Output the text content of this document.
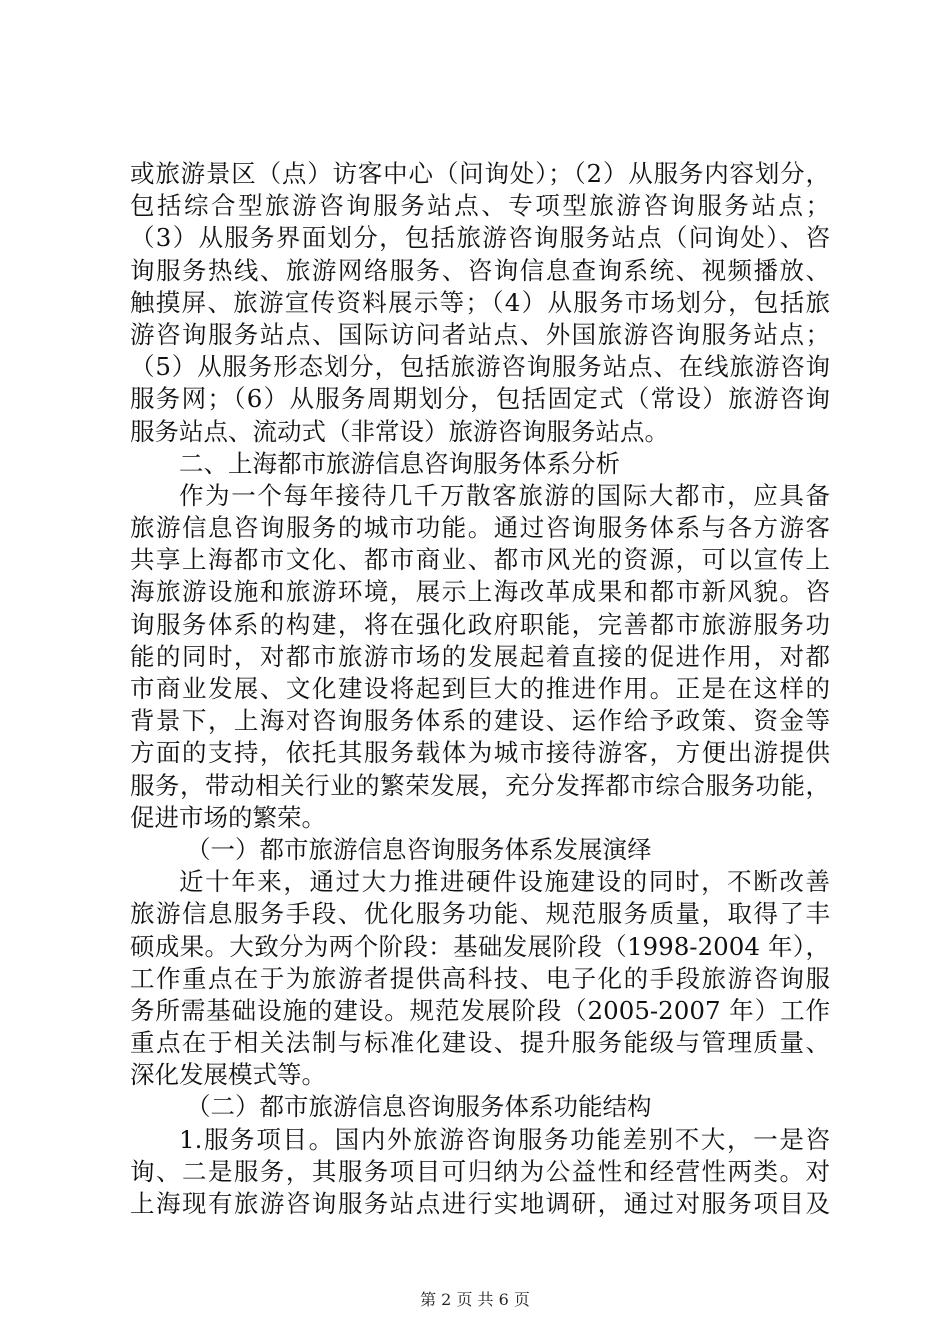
或旅游景区（点）访客中心（问询处）；（2）从服务内容划分，
包括综合型旅游咨询服务站点、专项型旅游咨询服务站点；
（3）从服务界面划分，包括旅游咨询服务站点（问询处）、咨
询服务热线、旅游网络服务、咨询信息查询系统、视频播放、
触摸屏、旅游宣传资料展示等；（4）从服务市场划分，包括旅
游咨询服务站点、国际访问者站点、外国旅游咨询服务站点；
（5）从服务形态划分，包括旅游咨询服务站点、在线旅游咨询
服务网；（6）从服务周期划分，包括固定式（常设）旅游咨询
服务站点、流动式（非常设）旅游咨询服务站点。
二、上海都市旅游信息咨询服务体系分析
作为一个每年接待几千万散客旅游的国际大都市，应具备
旅游信息咨询服务的城市功能。通过咨询服务体系与各方游客
共享上海都市文化、都市商业、都市风光的资源，可以宣传上
海旅游设施和旅游环境，展示上海改革成果和都市新风貌。咨
询服务体系的构建，将在强化政府职能，完善都市旅游服务功
能的同时，对都市旅游市场的发展起着直接的促进作用，对都
市商业发展、文化建设将起到巨大的推进作用。正是在这样的
背景下，上海对咨询服务体系的建设、运作给予政策、资金等
方面的支持，依托其服务载体为城市接待游客，方便出游提供
服务，带动相关行业的繁荣发展，充分发挥都市综合服务功能，
促进市场的繁荣。
（一）都市旅游信息咨询服务体系发展演绎
近十年来，通过大力推进硬件设施建设的同时，不断改善
旅游信息服务手段、优化服务功能、规范服务质量，取得了丰
硕成果。大致分为两个阶段：基础发展阶段（1998-2004 年），
工作重点在于为旅游者提供高科技、电子化的手段旅游咨询服
务所需基础设施的建设。规范发展阶段（2005-2007 年）工作
重点在于相关法制与标准化建设、提升服务能级与管理质量、
深化发展模式等。
（二）都市旅游信息咨询服务体系功能结构
1.服务项目。国内外旅游咨询服务功能差别不大，一是咨
询、二是服务，其服务项目可归纳为公益性和经营性两类。对
上海现有旅游咨询服务站点进行实地调研，通过对服务项目及
第 2 页 共 6 页
